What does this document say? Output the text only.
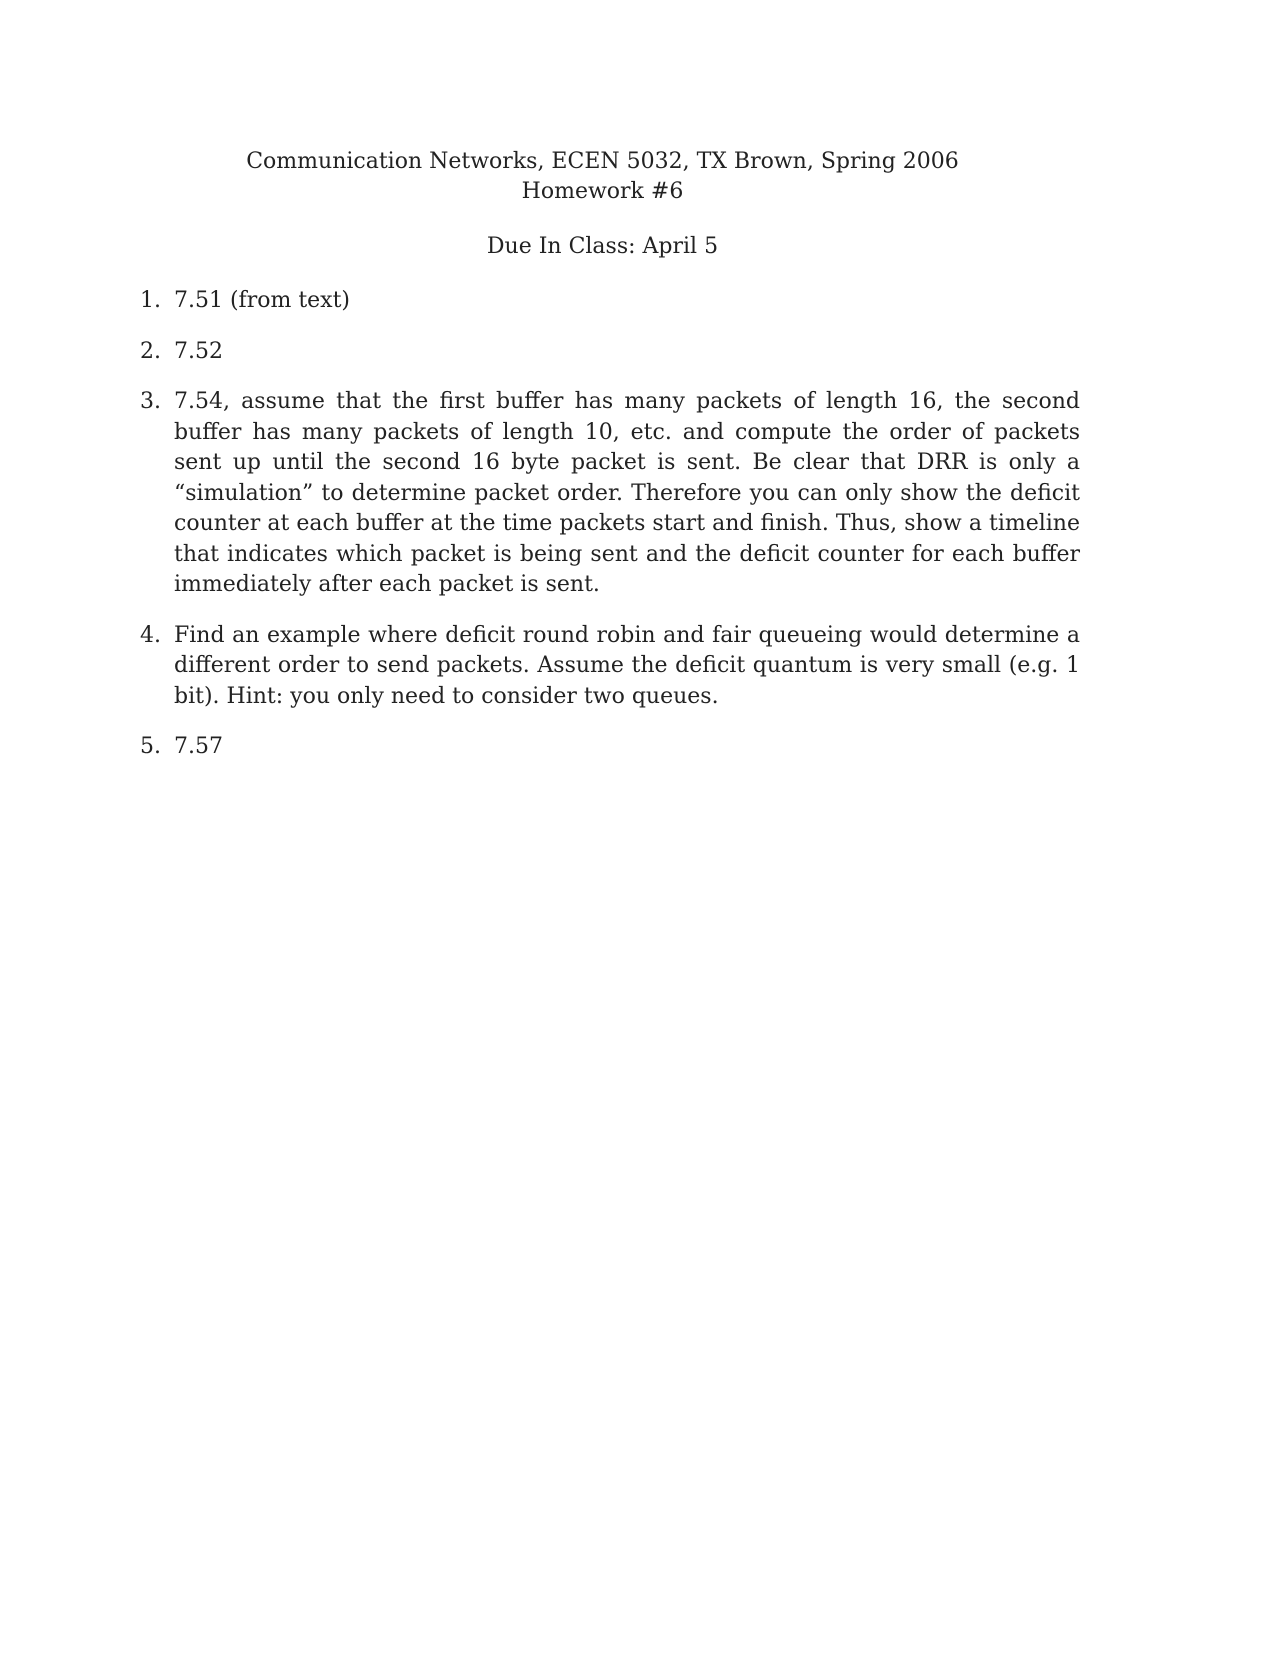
Communication Networks, ECEN 5032, TX Brown, Spring 2006
Homework #6
Due In Class: April 5
1. 7.51 (from text)
2. 7.52
3. 7.54, assume that the first buffer has many packets of length 16, the second buffer has many packets of length 10, etc. and compute the order of packets sent up until the second 16 byte packet is sent. Be clear that DRR is only a “simulation” to determine packet order. Therefore you can only show the deficit counter at each buffer at the time packets start and finish. Thus, show a timeline that indicates which packet is being sent and the deficit counter for each buffer immediately after each packet is sent.
4. Find an example where deficit round robin and fair queueing would determine a different order to send packets. Assume the deficit quantum is very small (e.g. 1 bit). Hint: you only need to consider two queues.
5. 7.57
